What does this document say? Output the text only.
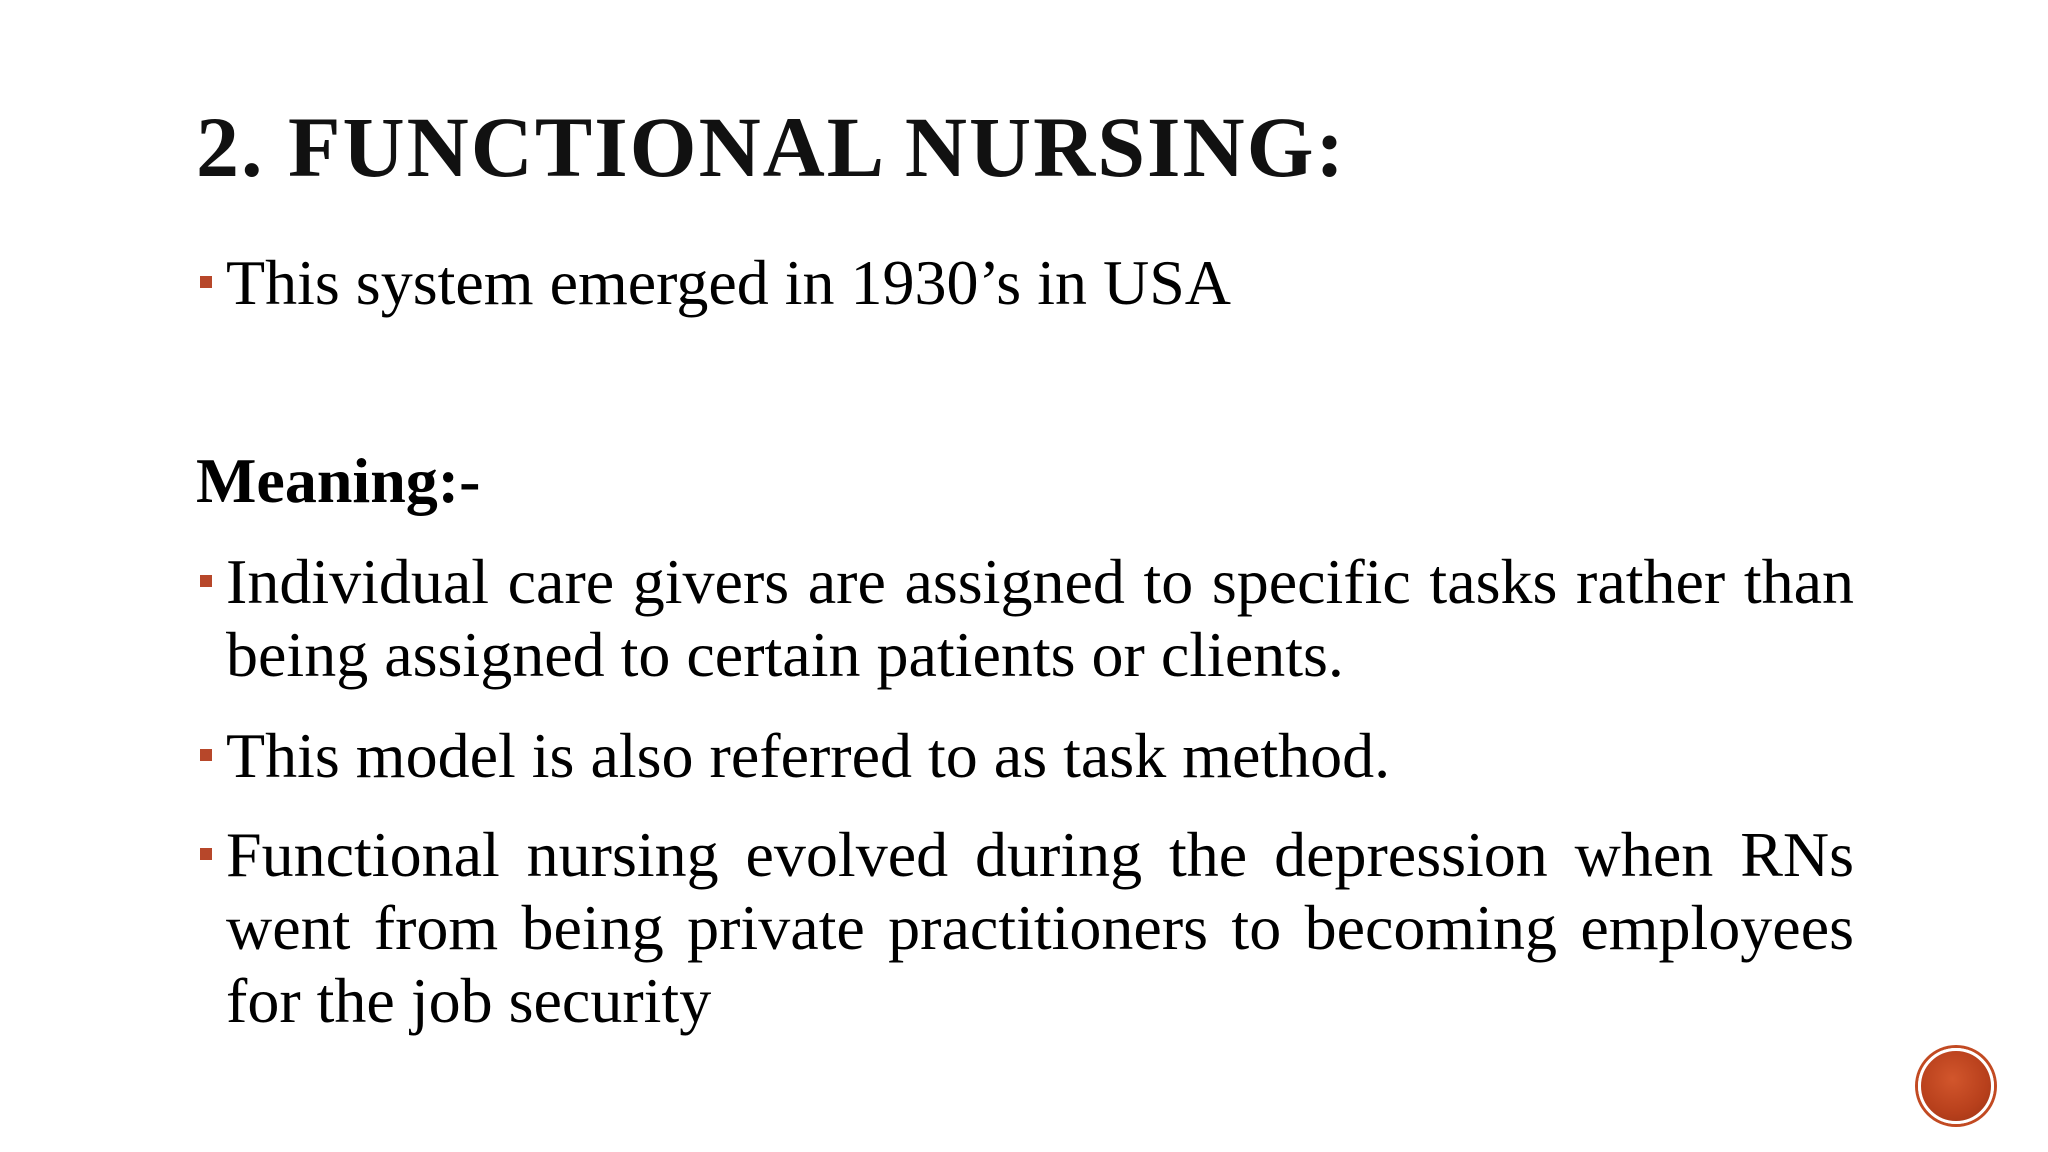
2. FUNCTIONAL NURSING:
This system emerged in 1930’s in USA
Meaning:-
Individual care givers are assigned to specific tasks rather than being assigned to certain patients or clients.
This model is also referred to as task method.
Functional nursing evolved during the depression when RNs went from being private practitioners to becoming employees for the job security
